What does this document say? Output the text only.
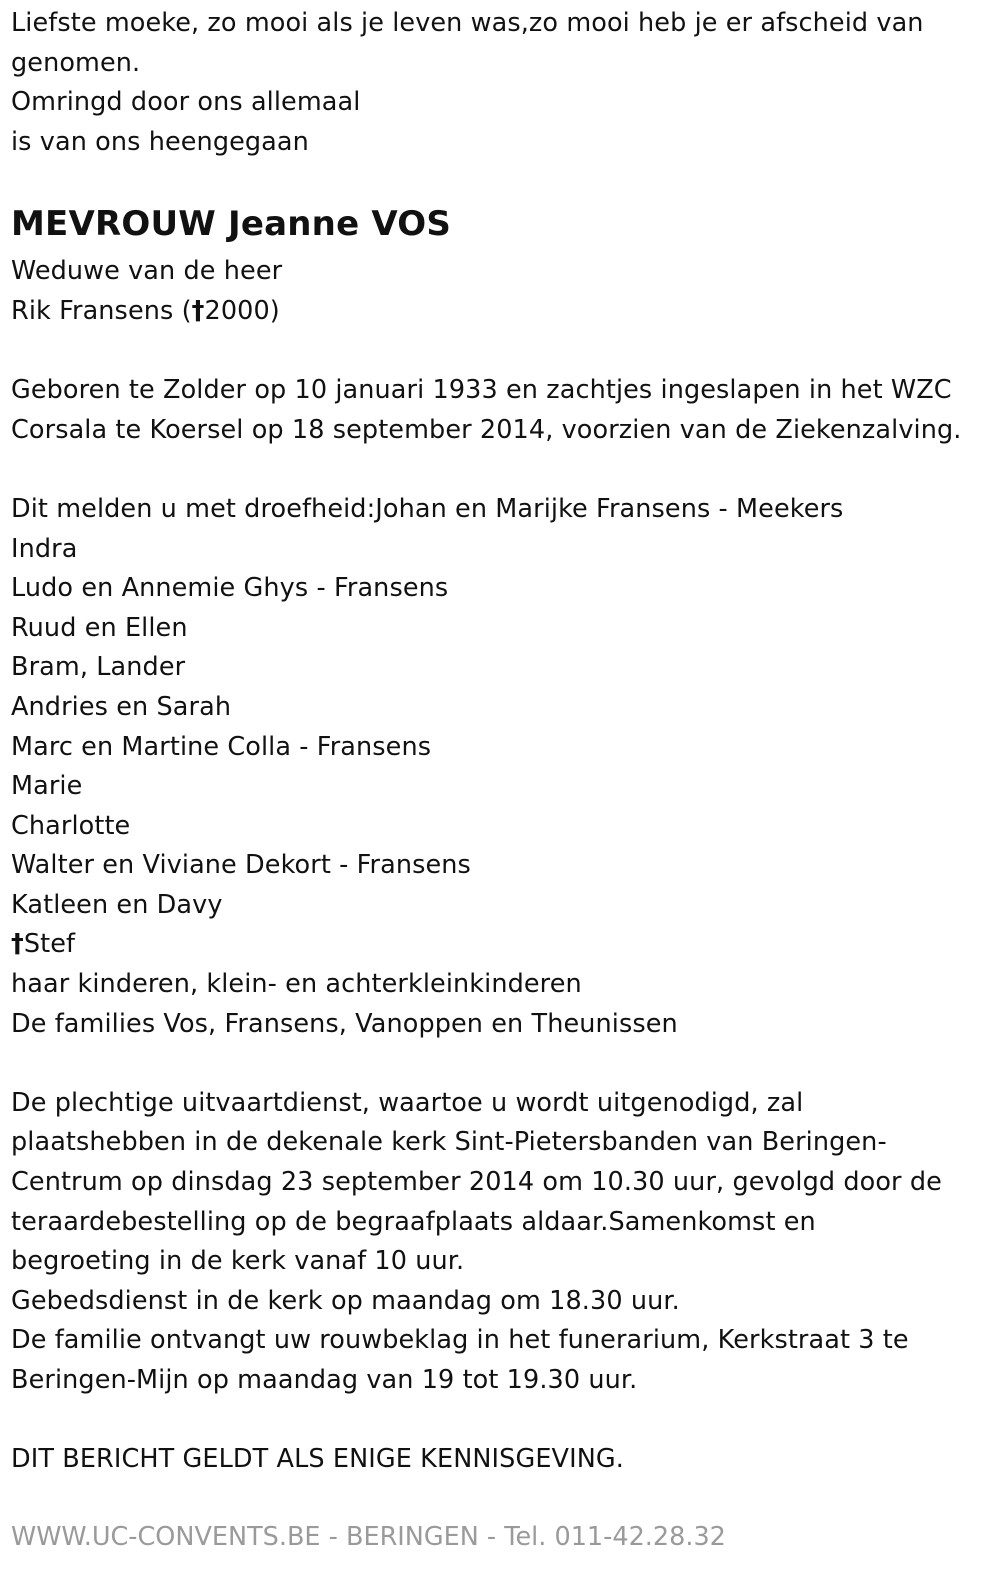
Liefste moeke, zo mooi als je leven was,zo mooi heb je er afscheid van
genomen.
Omringd door ons allemaal
is van ons heengegaan
MEVROUW Jeanne VOS
Weduwe van de heer
Rik Fransens (†2000)
Geboren te Zolder op 10 januari 1933 en zachtjes ingeslapen in het WZC
Corsala te Koersel op 18 september 2014, voorzien van de Ziekenzalving.
Dit melden u met droefheid:Johan en Marijke Fransens - Meekers
Indra
Ludo en Annemie Ghys - Fransens
Ruud en Ellen
Bram, Lander
Andries en Sarah
Marc en Martine Colla - Fransens
Marie
Charlotte
Walter en Viviane Dekort - Fransens
Katleen en Davy
†Stef
haar kinderen, klein- en achterkleinkinderen
De families Vos, Fransens, Vanoppen en Theunissen
De plechtige uitvaartdienst, waartoe u wordt uitgenodigd, zal
plaatshebben in de dekenale kerk Sint-Pietersbanden van Beringen-
Centrum op dinsdag 23 september 2014 om 10.30 uur, gevolgd door de
teraardebestelling op de begraafplaats aldaar.Samenkomst en
begroeting in de kerk vanaf 10 uur.
Gebedsdienst in de kerk op maandag om 18.30 uur.
De familie ontvangt uw rouwbeklag in het funerarium, Kerkstraat 3 te
Beringen-Mijn op maandag van 19 tot 19.30 uur.
DIT BERICHT GELDT ALS ENIGE KENNISGEVING.
WWW.UC-CONVENTS.BE - BERINGEN - Tel. 011-42.28.32
